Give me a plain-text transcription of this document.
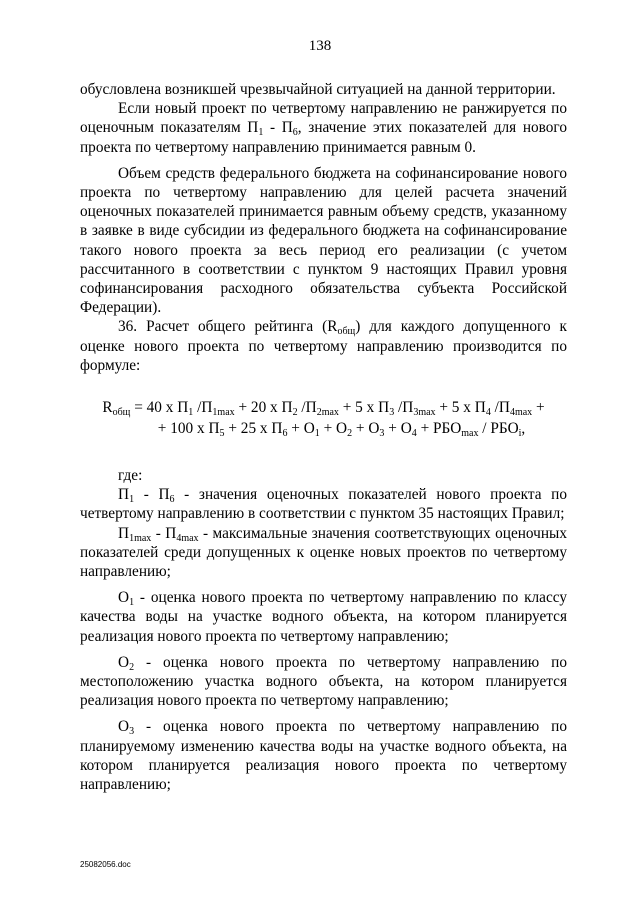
138

обусловлена возникшей чрезвычайной ситуацией на данной территории.

Если новый проект по четвертому направлению не ранжируется по оценочным показателям $П_1 - П_6$, значение этих показателей для нового проекта по четвертому направлению принимается равным 0.

Объем средств федерального бюджета на софинансирование нового проекта по четвертому направлению для целей расчета значений оценочных показателей принимается равным объему средств, указанному в заявке в виде субсидии из федерального бюджета на софинансирование такого нового проекта за весь период его реализации (с учетом рассчитанного в соответствии с пунктом 9 настоящих Правил уровня софинансирования расходного обязательства субъекта Российской Федерации).

36. Расчет общего рейтинга $(R_{общ})$ для каждого допущенного к оценке нового проекта по четвертому направлению производится по формуле:

$R_{общ} = 40$ х $П_1$ $/П_{1max} + 20$ х $П_2$ $/П_{2max} + 5$ х $П_3$ $/П_{3max} + 5$ х $П_4$ $/П_{4max}$ +
+ 100 х $П_5 + 25$ х $П_6 + О_1 + О_2 + О_3 + О_4 + РБО_{max} / РБО_i$,

где:

$П_1 - П_6$ - значения оценочных показателей нового проекта по четвертому направлению в соответствии с пунктом 35 настоящих Правил;

$П_{1max} - П_{4max}$ - максимальные значения соответствующих оценочных показателей среди допущенных к оценке новых проектов по четвертому направлению;

$О_1$ - оценка нового проекта по четвертому направлению по классу качества воды на участке водного объекта, на котором планируется реализация нового проекта по четвертому направлению;

$О_2$ - оценка нового проекта по четвертому направлению по местоположению участка водного объекта, на котором планируется реализация нового проекта по четвертому направлению;

$О_3$ - оценка нового проекта по четвертому направлению по планируемому изменению качества воды на участке водного объекта, на котором планируется реализация нового проекта по четвертому направлению;

25082056.doc
